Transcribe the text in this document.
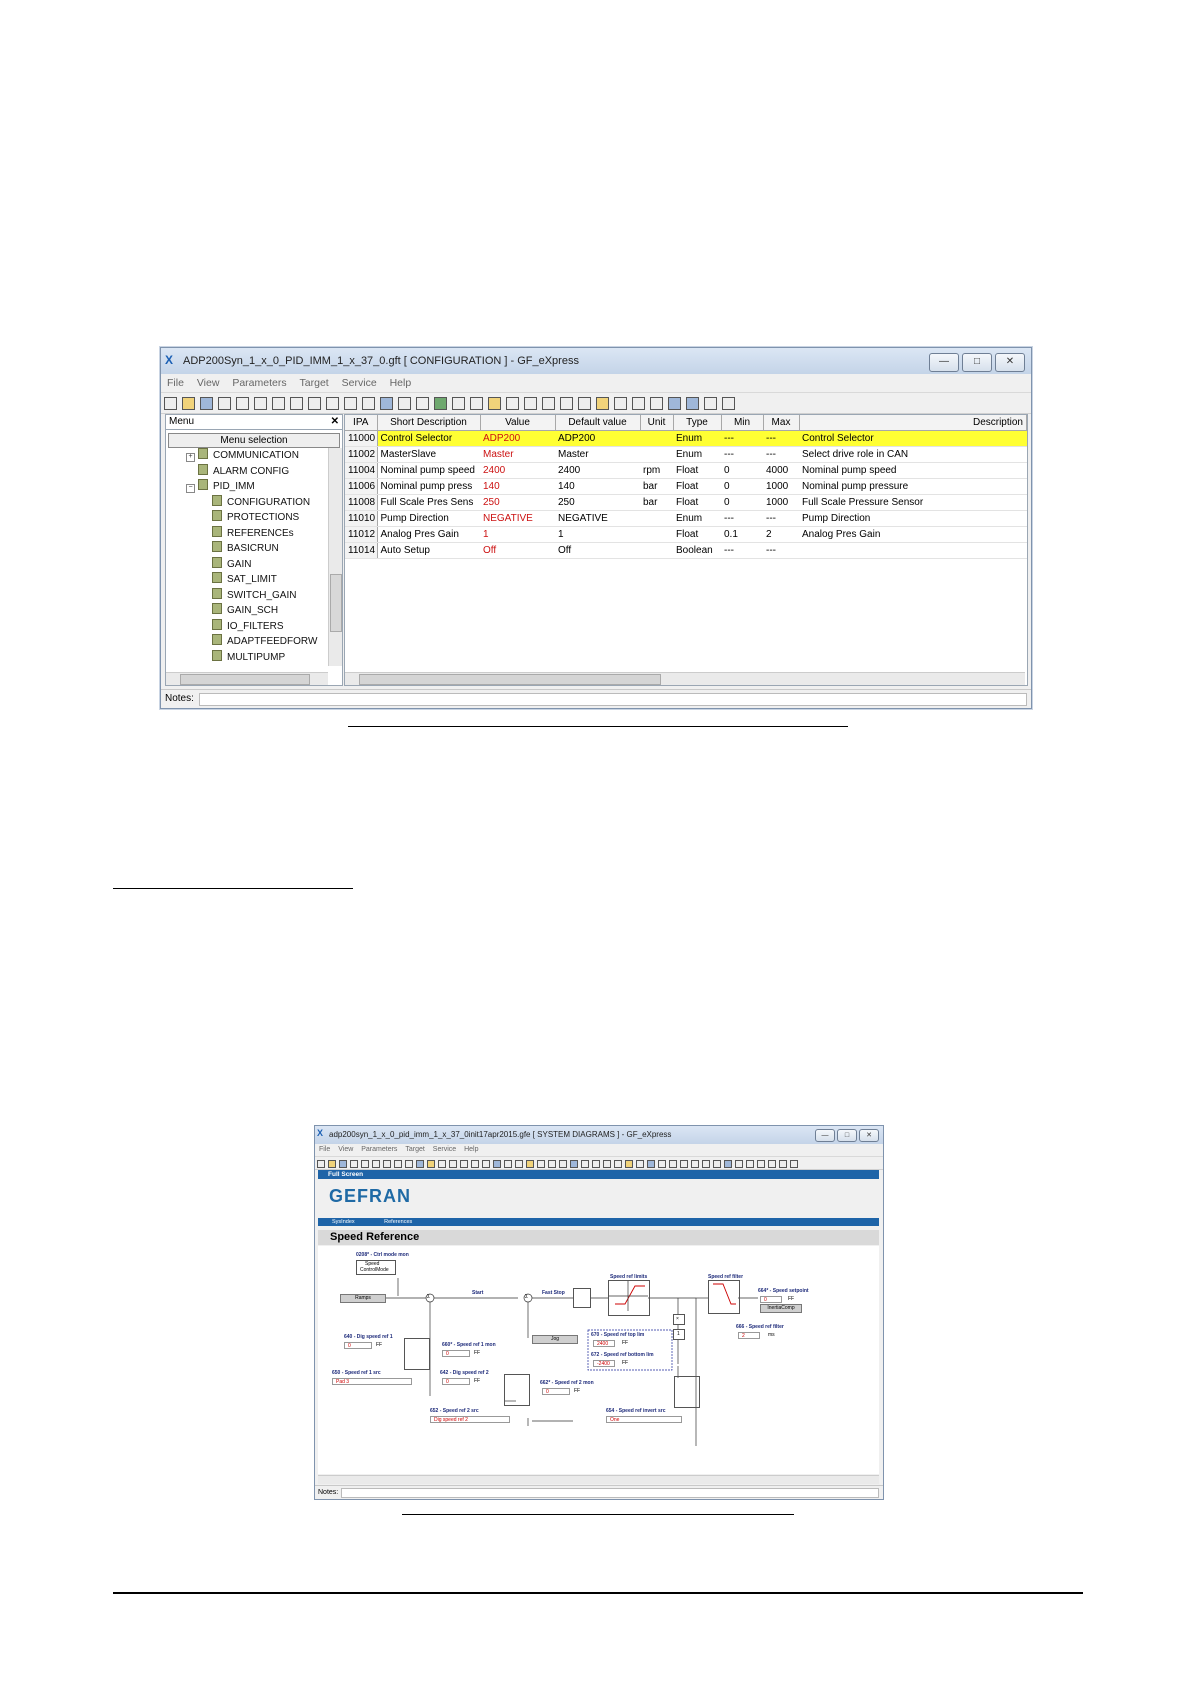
X ADP200Syn_1_x_0_PID_IMM_1_x_37_0.gft [ CONFIGURATION ] - GF_eXpress	—	□	✕
File View Parameters Target Service Help
Menu	✕
Menu selection
+ COMMUNICATION
ALARM CONFIG
− PID_IMM
CONFIGURATION
PROTECTIONS
REFERENCEs
BASICRUN
GAIN
SAT_LIMIT
SWITCH_GAIN
GAIN_SCH
IO_FILTERS
ADAPTFEEDFORW
MULTIPUMP
IPA	Short Description	Value	Default value	Unit	Type	Min	Max	Description
11000	Control Selector	ADP200	ADP200		Enum	---	---	Control Selector
11002	MasterSlave	Master	Master		Enum	---	---	Select drive role in CAN
11004	Nominal pump speed	2400	2400	rpm	Float	0	4000	Nominal pump speed
11006	Nominal pump press	140	140	bar	Float	0	1000	Nominal pump pressure
11008	Full Scale Pres Sens	250	250	bar	Float	0	1000	Full Scale Pressure Sensor
11010	Pump Direction	NEGATIVE	NEGATIVE		Enum	---	---	Pump Direction
11012	Analog Pres Gain	1	1		Float	0.1	2	Analog Pres Gain
11014	Auto Setup	Off	Off		Boolean	---	---	
Notes:
X adp200syn_1_x_0_pid_imm_1_x_37_0init17apr2015.gfe [ SYSTEM DIAGRAMS ] - GF_eXpress	—	□	✕
File View Parameters Target Service Help
Full Screen
GEFRAN
SysIndex	References
Speed Reference
0208* - Ctrl mode mon
Speed
ControlMode
Ramps	Σ	Σ
Start	Fast Stop
Speed ref limits	Speed ref filter
664* - Speed setpoint
0	FF
InertiaComp
×
1
670 - Speed ref top lim
2400	FF
672 - Speed ref bottom lim
-2400	FF
666 - Speed ref filter
2	ms
Jog
640 - Dig speed ref 1
0	FF	660* - Speed ref 1 mon
0	FF
650 - Speed ref 1 src
Pad 3
642 - Dig speed ref 2
0	FF	662* - Speed ref 2 mon
0	FF
652 - Speed ref 2 src
Dig speed ref 2
654 - Speed ref invert src
One
Notes:
